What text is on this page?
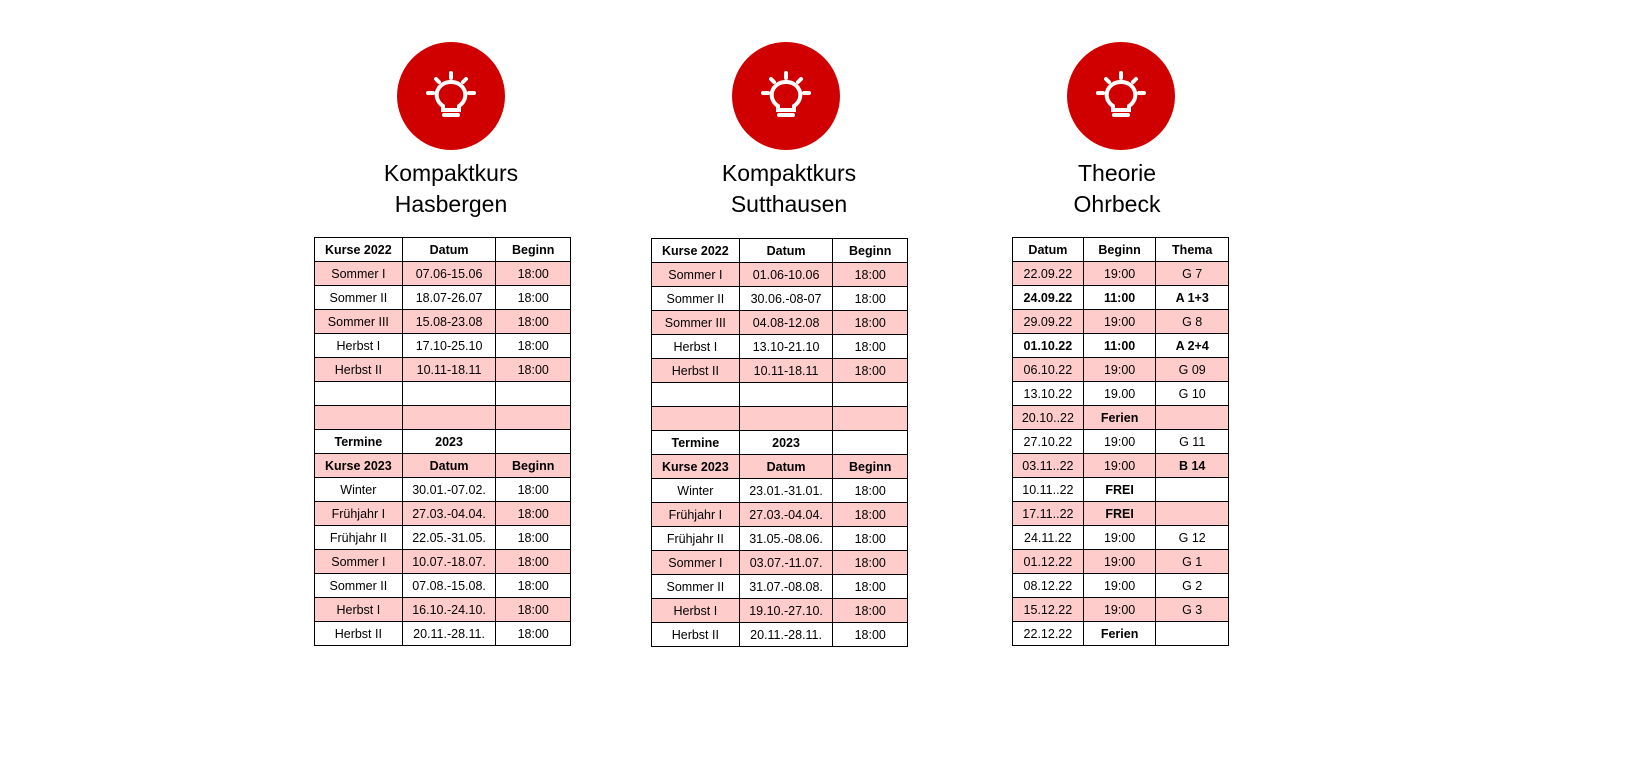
Kompaktkurs
Hasbergen
Kurse 2022	Datum	Beginn
Sommer I	07.06-15.06	18:00
Sommer II	18.07-26.07	18:00
Sommer III	15.08-23.08	18:00
Herbst I	17.10-25.10	18:00
Herbst II	10.11-18.11	18:00

Termine	2023	
Kurse 2023	Datum	Beginn
Winter	30.01.-07.02.	18:00
Frühjahr I	27.03.-04.04.	18:00
Frühjahr II	22.05.-31.05.	18:00
Sommer I	10.07.-18.07.	18:00
Sommer II	07.08.-15.08.	18:00
Herbst I	16.10.-24.10.	18:00
Herbst II	20.11.-28.11.	18:00
Kompaktkurs
Sutthausen
Kurse 2022	Datum	Beginn
Sommer I	01.06-10.06	18:00
Sommer II	30.06.-08-07	18:00
Sommer III	04.08-12.08	18:00
Herbst I	13.10-21.10	18:00
Herbst II	10.11-18.11	18:00

Termine	2023	
Kurse 2023	Datum	Beginn
Winter	23.01.-31.01.	18:00
Frühjahr I	27.03.-04.04.	18:00
Frühjahr II	31.05.-08.06.	18:00
Sommer I	03.07.-11.07.	18:00
Sommer II	31.07.-08.08.	18:00
Herbst I	19.10.-27.10.	18:00
Herbst II	20.11.-28.11.	18:00
Theorie
Ohrbeck
Datum	Beginn	Thema
22.09.22	19:00	G 7
24.09.22	11:00	A 1+3
29.09.22	19:00	G 8
01.10.22	11:00	A 2+4
06.10.22	19:00	G 09
13.10.22	19.00	G 10
20.10..22	Ferien	
27.10.22	19:00	G 11
03.11..22	19:00	B 14
10.11..22	FREI	
17.11..22	FREI	
24.11.22	19:00	G 12
01.12.22	19:00	G 1
08.12.22	19:00	G 2
15.12.22	19:00	G 3
22.12.22	Ferien	
